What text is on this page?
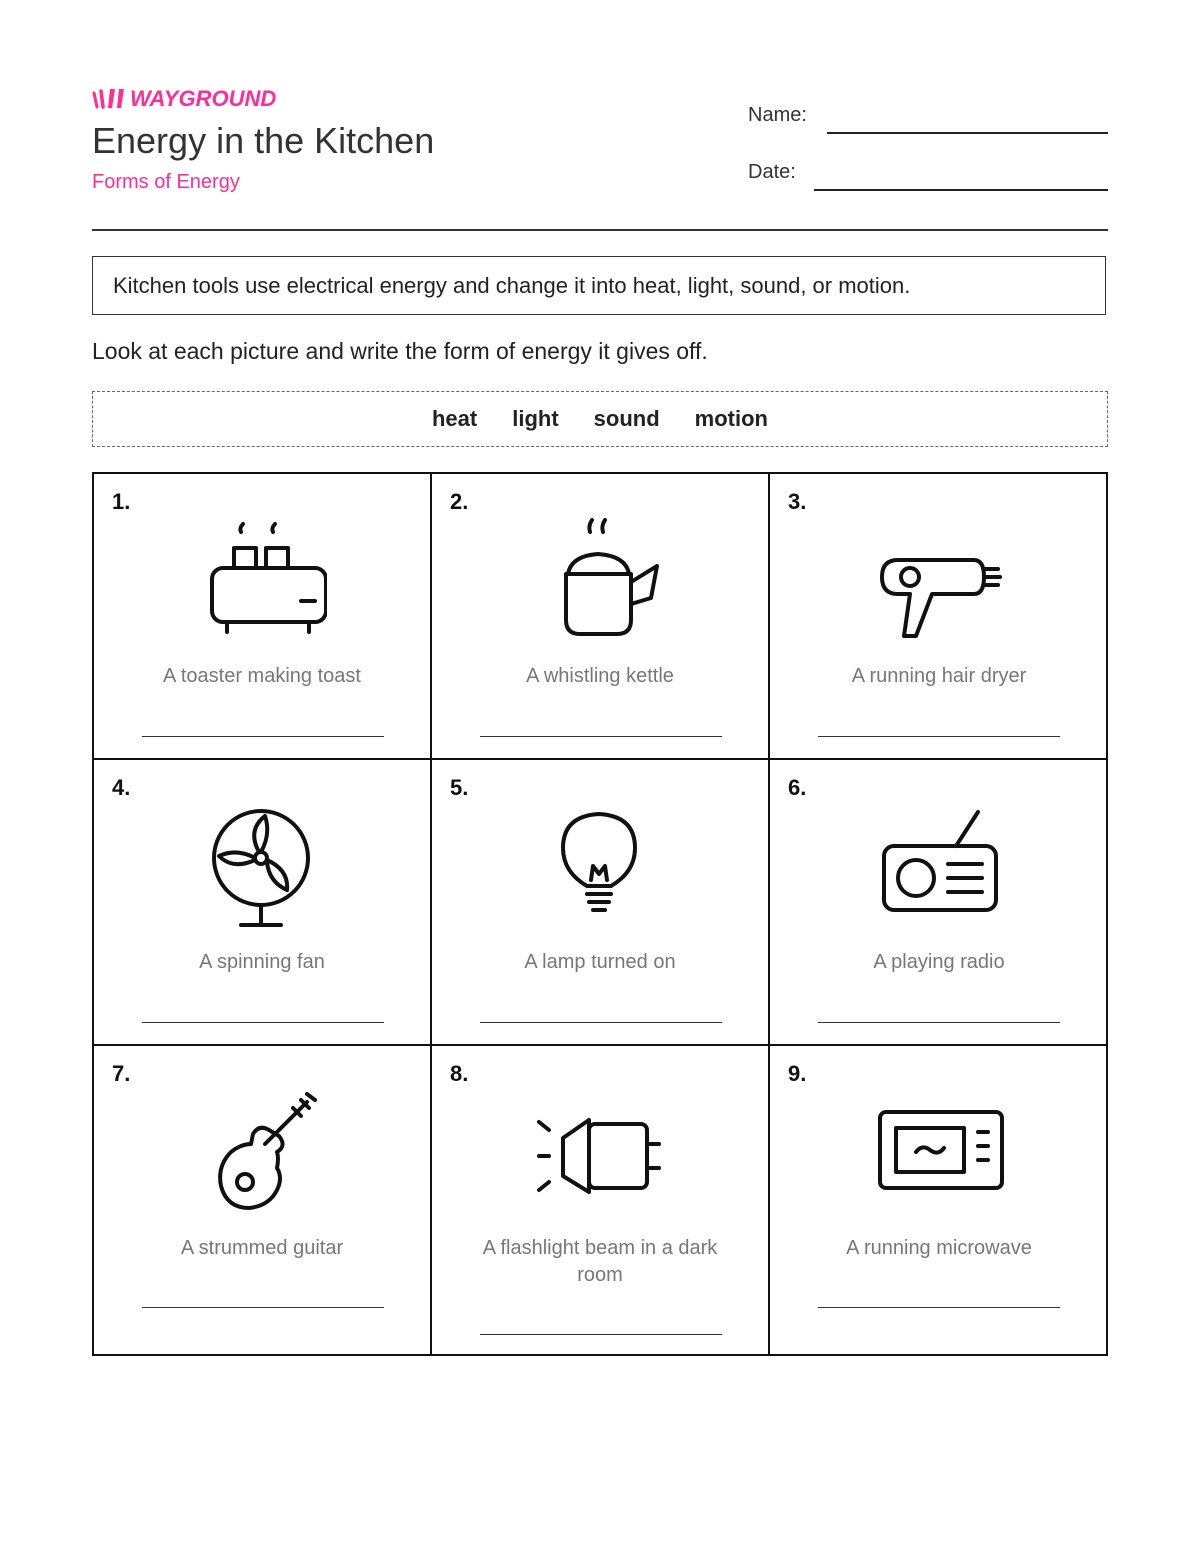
WAYGROUND
Energy in the Kitchen
Forms of Energy
Name:
Date:
Kitchen tools use electrical energy and change it into heat, light, sound, or motion.
Look at each picture and write the form of energy it gives off.
heat light sound motion
1.
A toaster making toast
2.
A whistling kettle
3.
A running hair dryer
4.
A spinning fan
5.
A lamp turned on
6.
A playing radio
7.
A strummed guitar
8.
A flashlight beam in a dark room
9.
A running microwave
